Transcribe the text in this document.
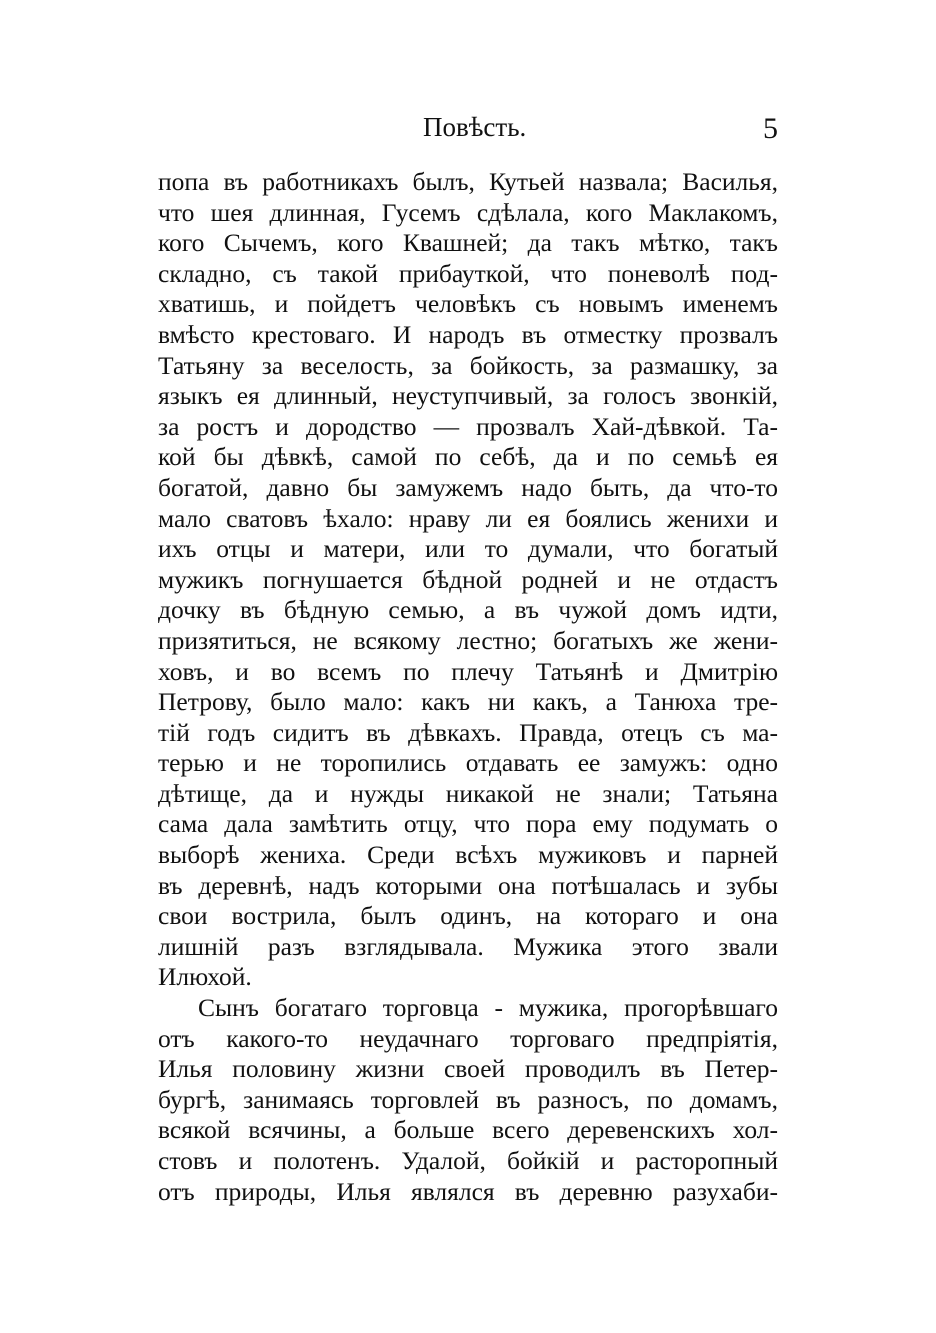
Повѣсть.	5
попа въ работникахъ былъ, Кутьей назвала; Василья,
что шея длинная, Гусемъ сдѣлала, кого Маклакомъ,
кого Сычемъ, кого Квашней; да такъ мѣтко, такъ
складно, съ такой прибауткой, что поневолѣ под-
хватишь, и пойдетъ человѣкъ съ новымъ именемъ
вмѣсто крестоваго. И народъ въ отместку прозвалъ
Татьяну за веселость, за бойкость, за размашку, за
языкъ ея длинный, неуступчивый, за голосъ звонкій,
за ростъ и дородство — прозвалъ Хай-дѣвкой. Та-
кой бы дѣвкѣ, самой по себѣ, да и по семьѣ ея
богатой, давно бы замужемъ надо быть, да что-то
мало сватовъ ѣхало: нраву ли ея боялись женихи и
ихъ отцы и матери, или то думали, что богатый
мужикъ погнушается бѣдной родней и не отдастъ
дочку въ бѣдную семью, а въ чужой домъ идти,
призятиться, не всякому лестно; богатыхъ же жени-
ховъ, и во всемъ по плечу Татьянѣ и Дмитрію
Петрову, было мало: какъ ни какъ, а Танюха тре-
тій годъ сидитъ въ дѣвкахъ. Правда, отецъ съ ма-
терью и не торопились отдавать ее замужъ: одно
дѣтище, да и нужды никакой не знали; Татьяна
сама дала замѣтить отцу, что пора ему подумать о
выборѣ жениха. Среди всѣхъ мужиковъ и парней
въ деревнѣ, надъ которыми она потѣшалась и зубы
свои вострила, былъ одинъ, на котораго и она
лишній разъ взглядывала. Мужика этого звали
Илюхой.
Сынъ богатаго торговца - мужика, прогорѣвшаго
отъ какого-то неудачнаго торговаго предпріятія,
Илья половину жизни своей проводилъ въ Петер-
бургѣ, занимаясь торговлей въ разносъ, по домамъ,
всякой всячины, а больше всего деревенскихъ хол-
стовъ и полотенъ. Удалой, бойкій и расторопный
отъ природы, Илья являлся въ деревню разухаби-
